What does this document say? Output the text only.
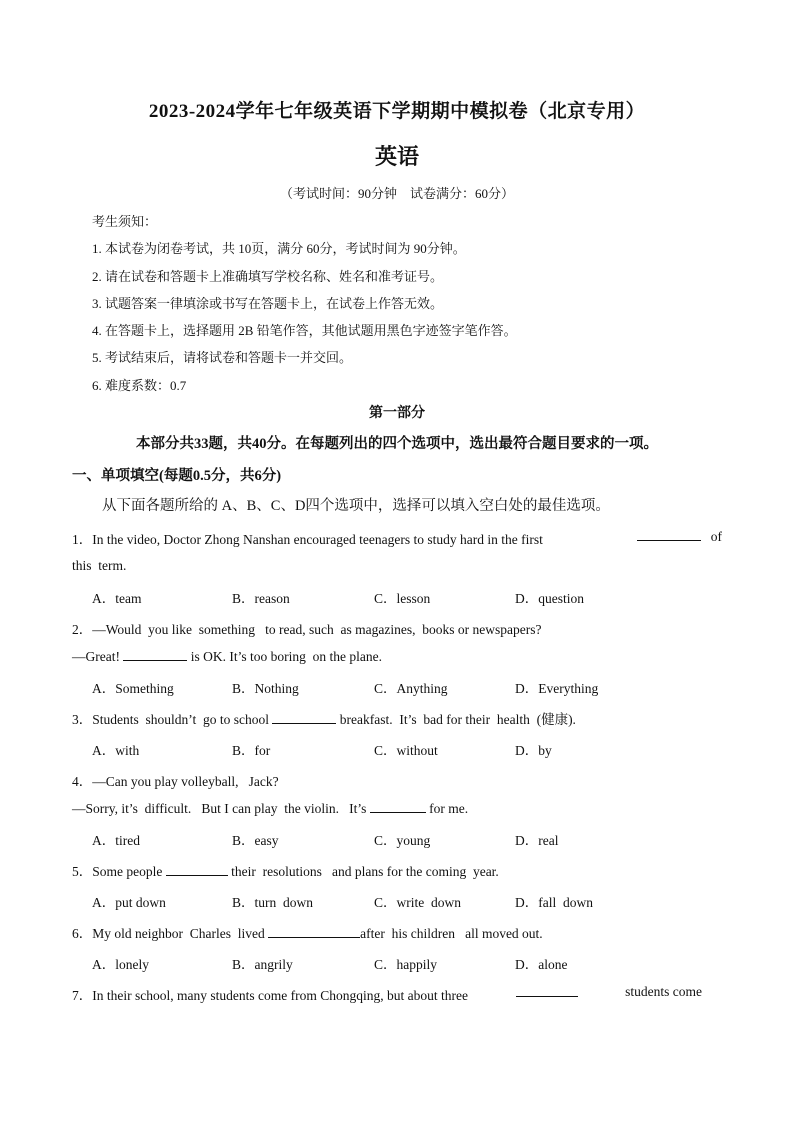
2023-2024学年七年级英语下学期期中模拟卷（北京专用）
英语
（考试时间：90分钟　试卷满分：60分）
考生须知：
1. 本试卷为闭卷考试，共 10页，满分 60分，考试时间为 90分钟。
2. 请在试卷和答题卡上准确填写学校名称、姓名和准考证号。
3. 试题答案一律填涂或书写在答题卡上，在试卷上作答无效。
4. 在答题卡上，选择题用 2B 铅笔作答，其他试题用黑色字迹签字笔作答。
5. 考试结束后，请将试卷和答题卡一并交回。
6. 难度系数：0.7
第一部分
本部分共33题，共40分。在每题列出的四个选项中，选出最符合题目要求的一项。
一、单项填空(每题0.5分，共6分)
从下面各题所给的 A、B、C、D四个选项中，选择可以填入空白处的最佳选项。
1．In the video, Doctor Zhong Nanshan encouraged teenagers to study hard in the first	of
this  term.
A．team	B．reason	C．lesson	D．question
2．—Would  you like  something   to read, such  as magazines,  books or newspapers?
—Great!	is OK. It’s too boring  on the plane.
A．Something	B．Nothing	C．Anything	D．Everything
3．Students  shouldn’t  go to school	breakfast.  It’s  bad for their  health  (健康).
A．with	B．for	C．without	D．by
4．—Can you play volleyball,   Jack?
—Sorry, it’s  difficult.   But I can play  the violin.   It’s	for me.
A．tired	B．easy	C．young	D．real
5．Some people	their  resolutions   and plans for the coming  year.
A．put down	B．turn  down	C．write  down	D．fall  down
6．My old neighbor  Charles  lived	after  his children   all moved out.
A．lonely	B．angrily	C．happily	D．alone
7．In their school, many students come from Chongqing, but about three	students come
